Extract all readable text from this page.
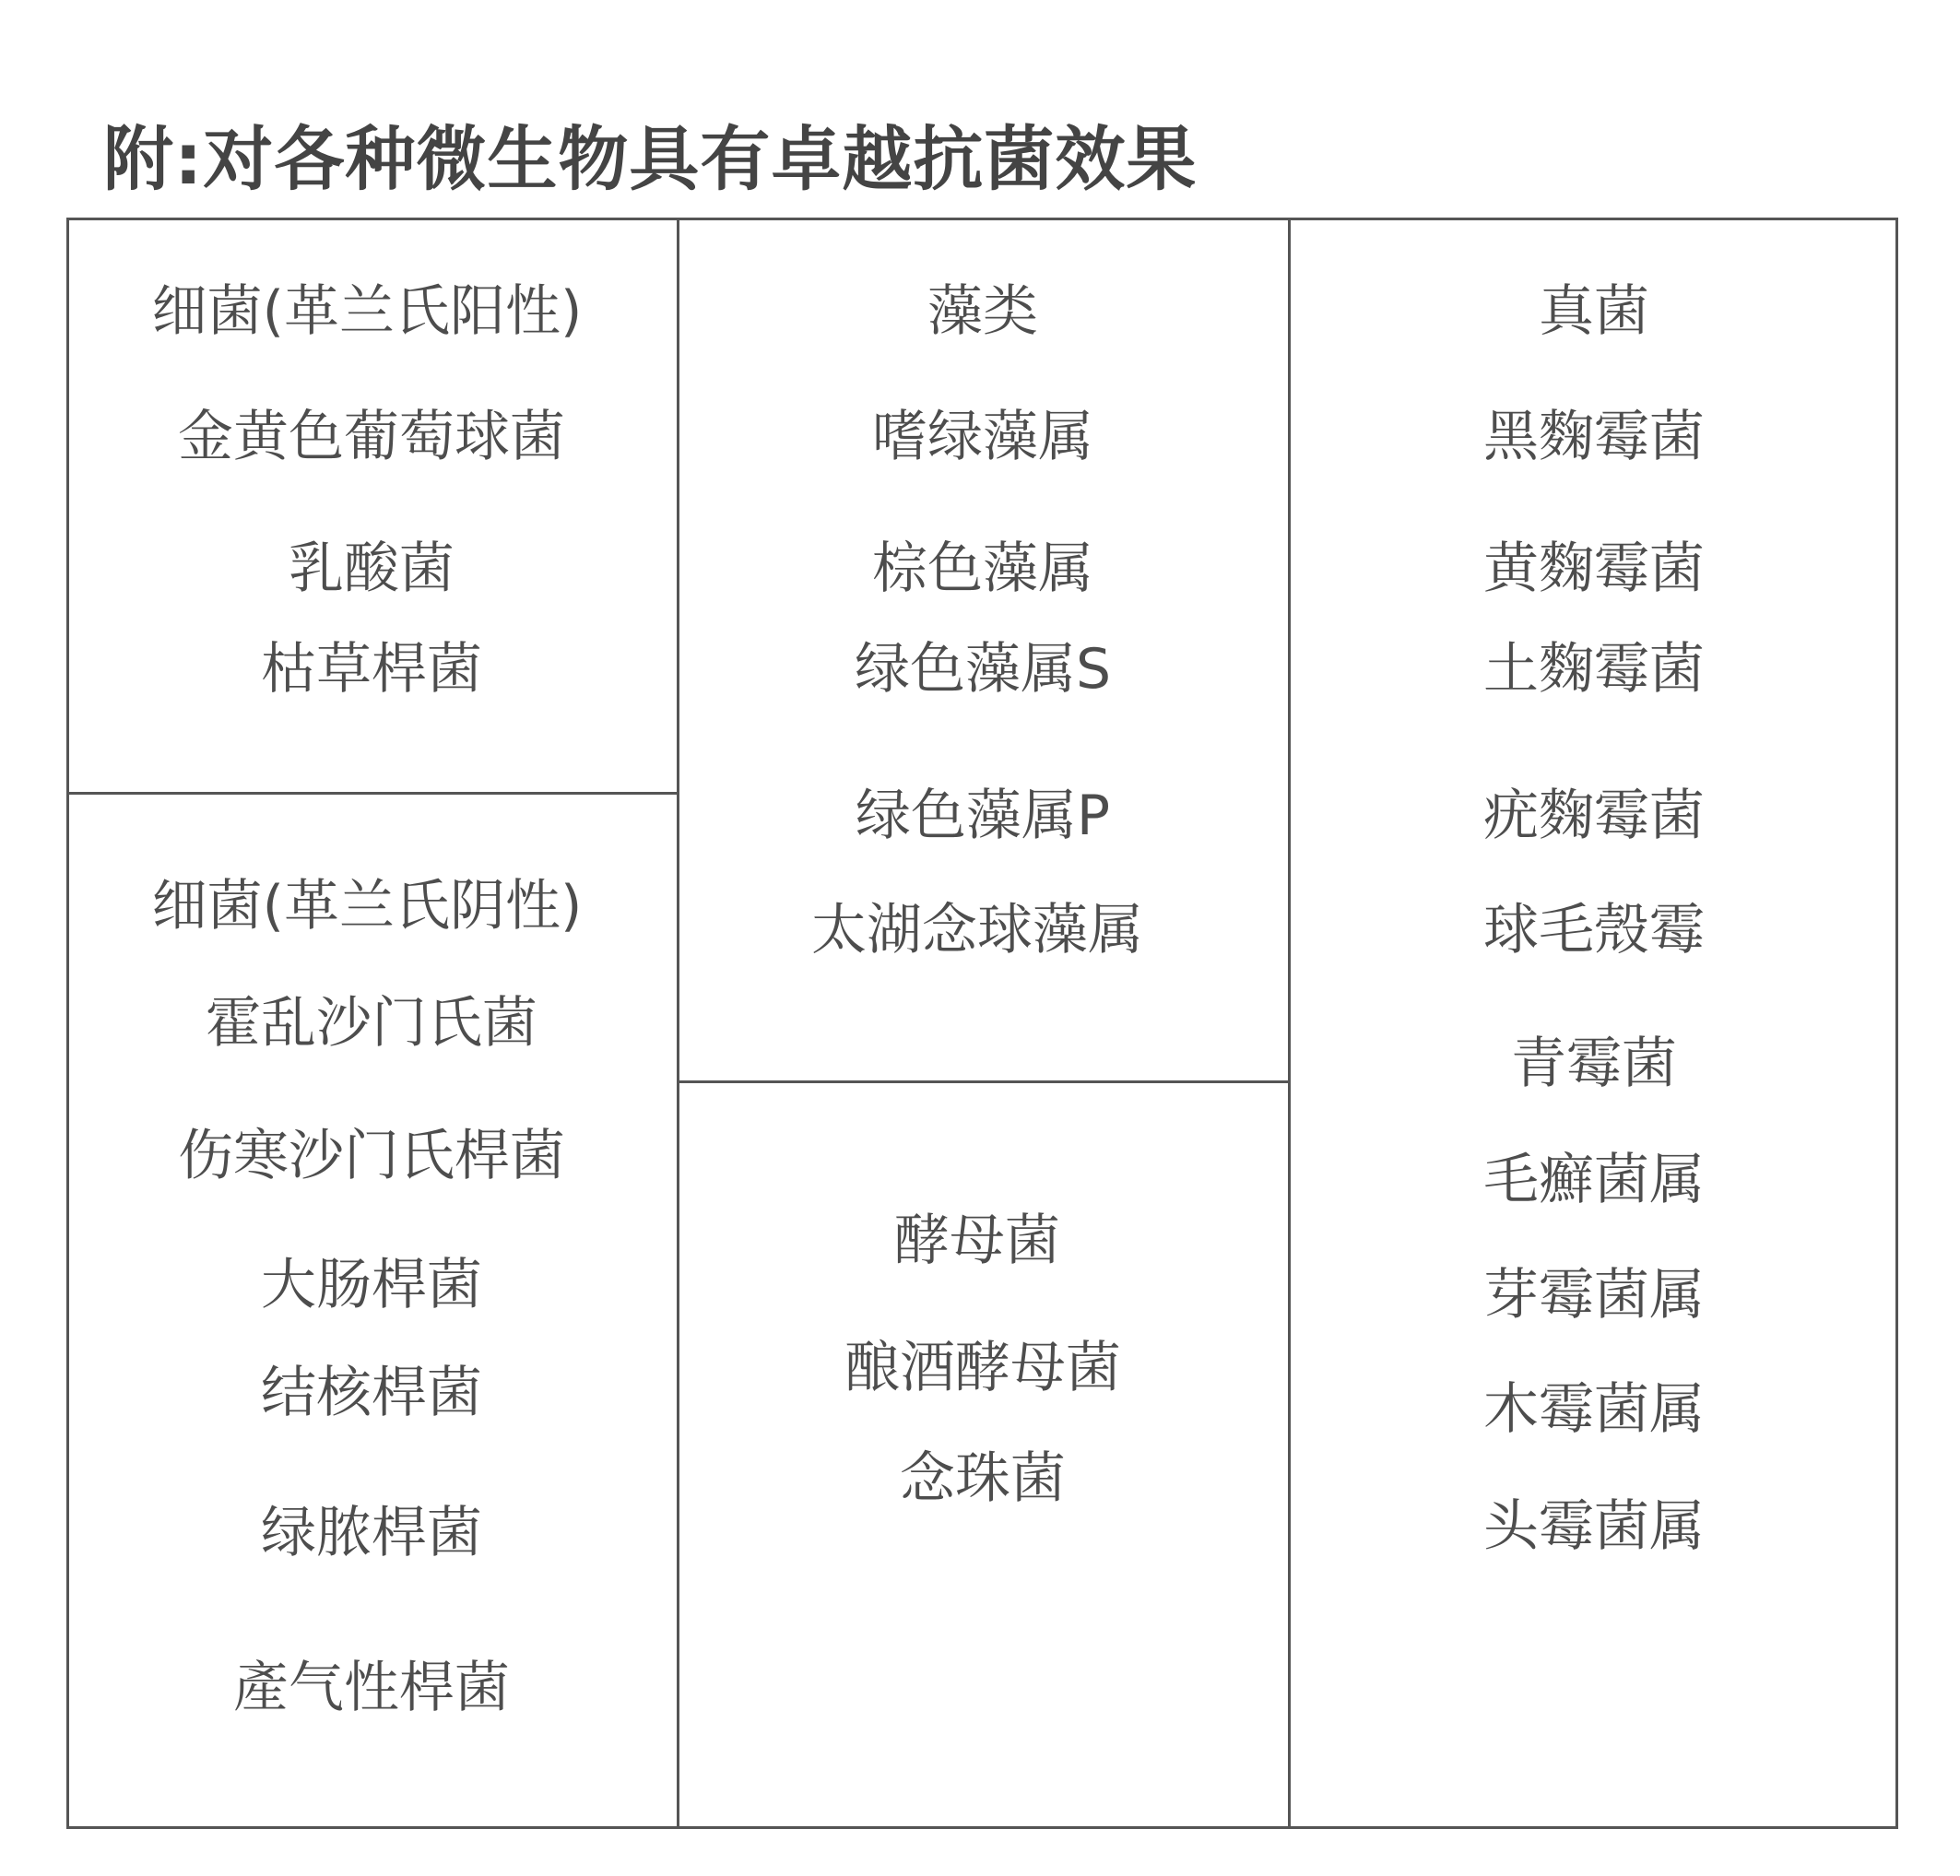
附:对各种微生物具有卓越抗菌效果
细菌(革兰氏阳性)
金黄色葡萄球菌
乳酸菌
枯草桿菌
细菌(革兰氏阴性)
霍乱沙门氏菌
伤寒沙门氏桿菌
大肠桿菌
结核桿菌
绿脓桿菌
產气性桿菌
藻类
嗜绿藻属
棕色藻属
绿色藻属S
绿色藻属P
太湖念球藻属
酵母菌
酿酒酵母菌
念珠菌
真菌
黑麴霉菌
黄麴霉菌
土麴霉菌
疣麴霉菌
球毛殼霉
青霉菌
毛癬菌属
芽霉菌属
木霉菌属
头霉菌属
